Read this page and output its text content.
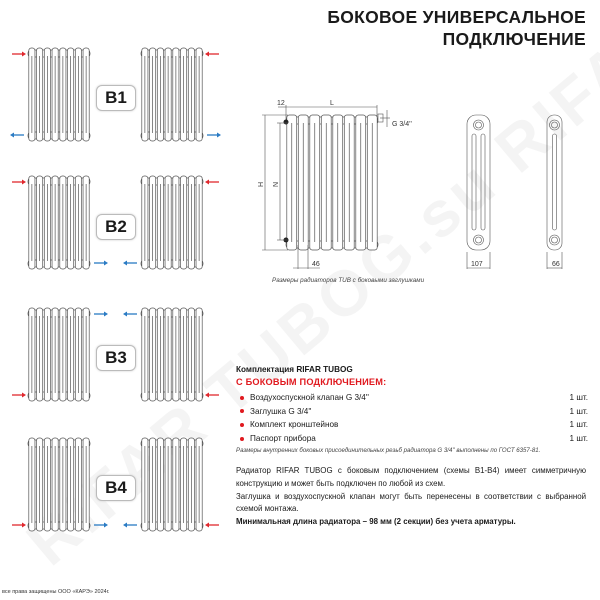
БОКОВОЕ УНИВЕРСАЛЬНОЕ
ПОДКЛЮЧЕНИЕ
B1
B2
B3
B4
12	L
H N
46
G 3/4''
107	66
Размеры радиаторов TUB с боковыми заглушками
Комплектация RIFAR TUBOG
С БОКОВЫМ ПОДКЛЮЧЕНИЕМ:
Воздухоспускной клапан G 3/4''	1 шт.
Заглушка G 3/4''	1 шт.
Комплект кронштейнов	1 шт.
Паспорт прибора	1 шт.
Размеры внутренних боковых присоединительных резьб радиатора G 3/4'' выполнены по ГОСТ 6357-81.

Радиатор RIFAR TUBOG с боковым подключением (схемы B1-B4) имеет симметричную конструкцию и может быть подключен по любой из схем.

Заглушка и воздухоспускной клапан могут быть перенесены в соответствии с выбранной схемой монтажа.

Минимальная длина радиатора – 98 мм (2 секции) без учета арматуры.

все права защищены ООО «КАРЭ» 2024г.
